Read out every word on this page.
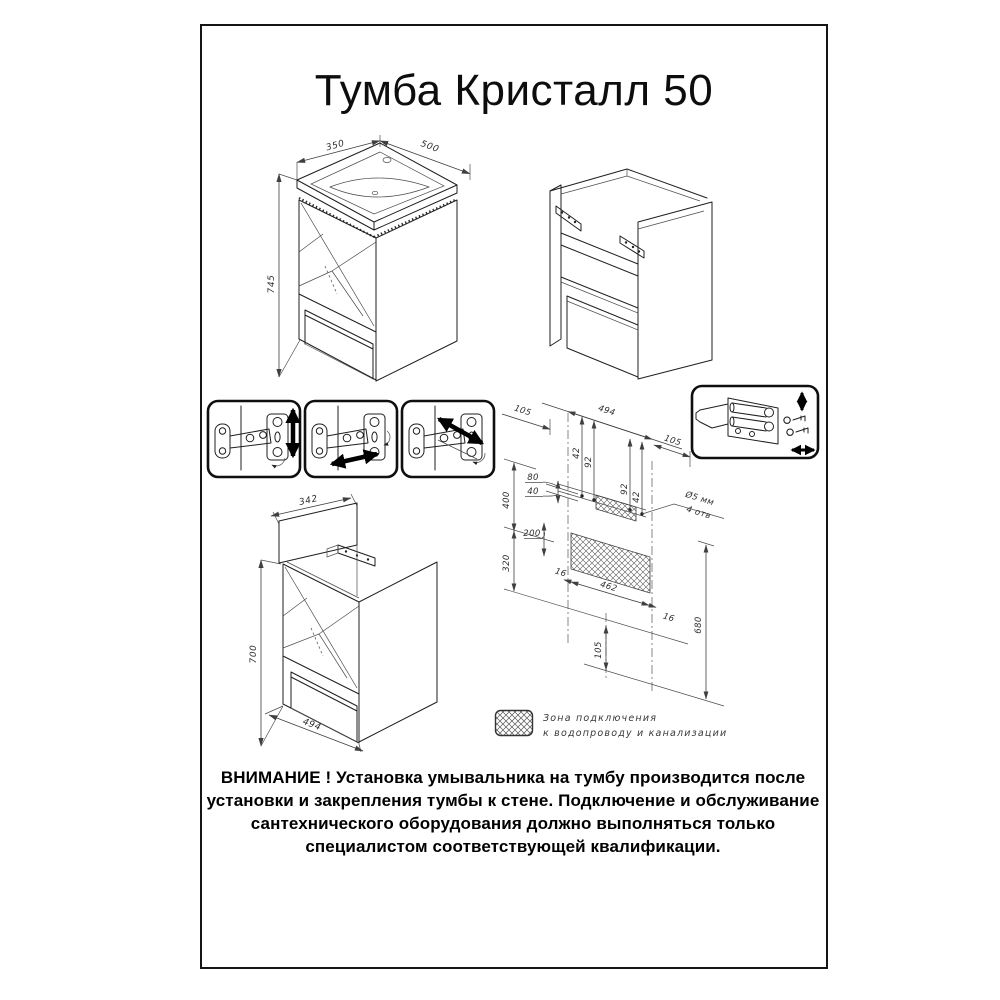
Тумба Кристалл 50
350	500
745
342
700
494
105	494
105
42
92
92
42	Ø5 мм
4 отв
400
320
80
40
200
16
462
16 680
105
Зона подключения
к водопроводу и канализации
ВНИМАНИЕ ! Установка умывальника на тумбу производится после
установки и закрепления тумбы к стене. Подключение и обслуживание
сантехнического оборудования должно выполняться только
специалистом соответствующей квалификации.
